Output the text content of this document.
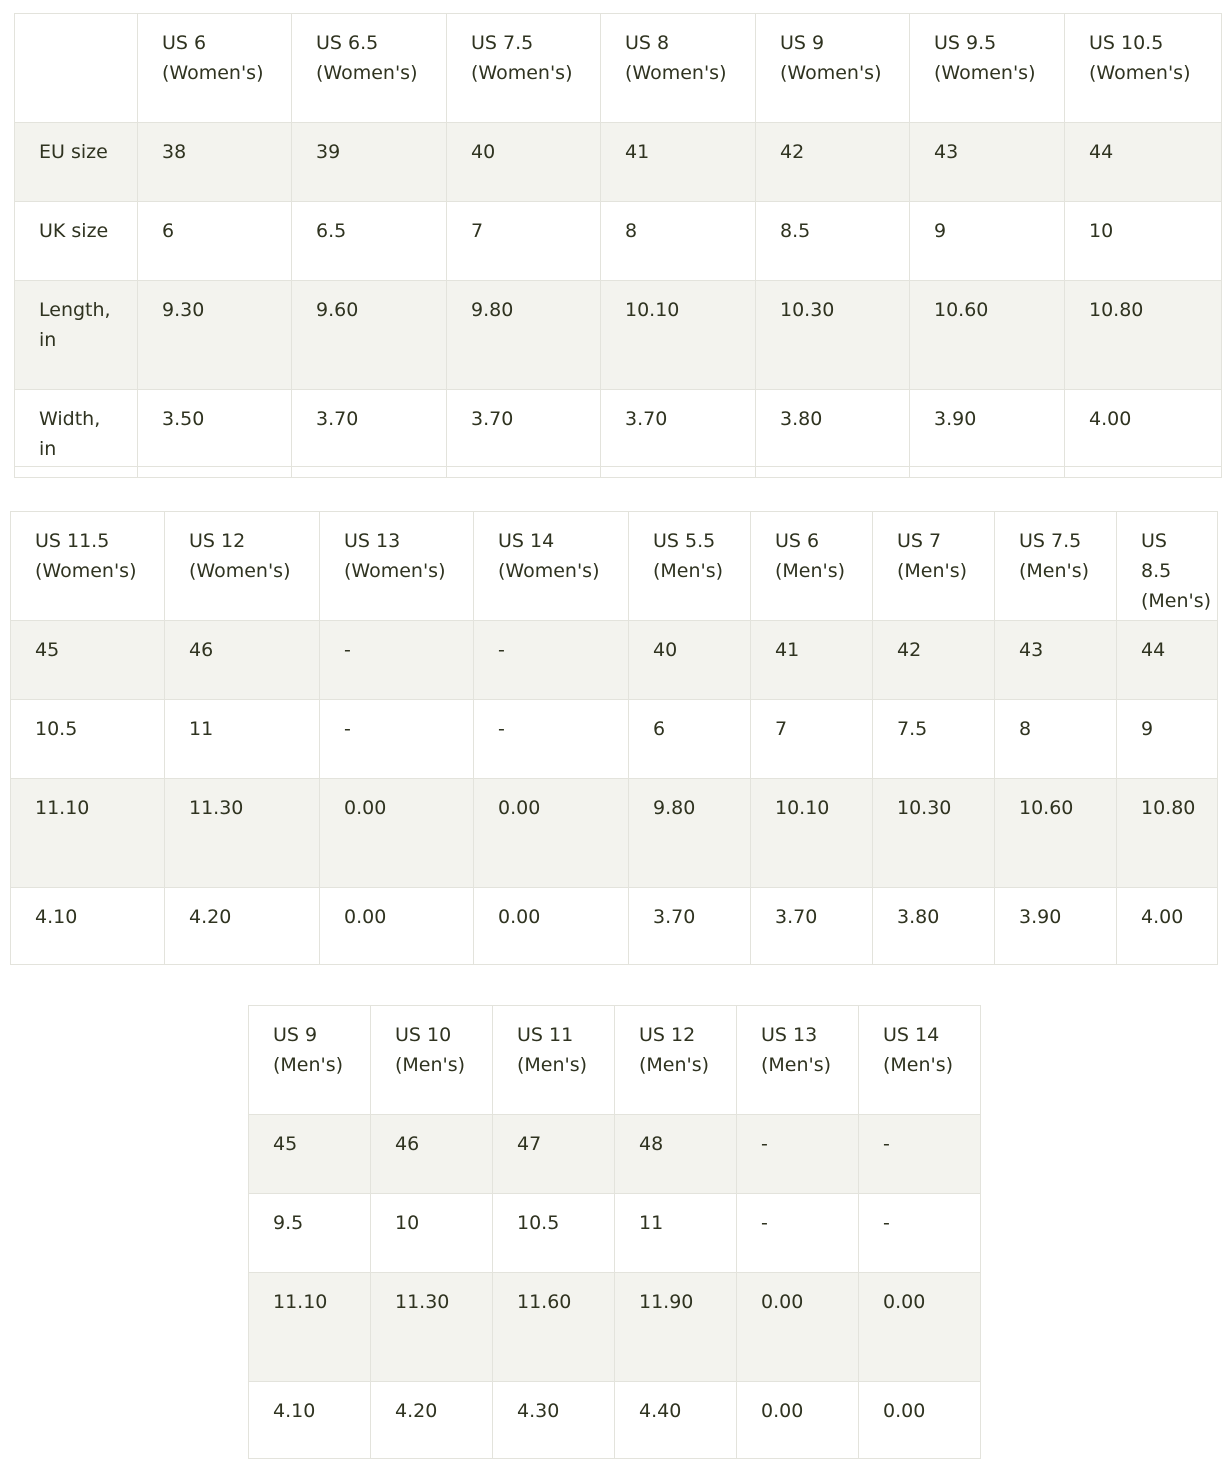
	US 6 (Women's)	US 6.5 (Women's)	US 7.5 (Women's)	US 8 (Women's)	US 9 (Women's)	US 9.5 (Women's)	US 10.5 (Women's)
EU size	38	39	40	41	42	43	44
UK size	6	6.5	7	8	8.5	9	10
Length, in	9.30	9.60	9.80	10.10	10.30	10.60	10.80
Width, in	3.50	3.70	3.70	3.70	3.80	3.90	4.00

US 11.5 (Women's)	US 12 (Women's)	US 13 (Women's)	US 14 (Women's)	US 5.5 (Men's)	US 6 (Men's)	US 7 (Men's)	US 7.5 (Men's)	US 8.5 (Men's)
45	46	-	-	40	41	42	43	44
10.5	11	-	-	6	7	7.5	8	9
11.10	11.30	0.00	0.00	9.80	10.10	10.30	10.60	10.80
4.10	4.20	0.00	0.00	3.70	3.70	3.80	3.90	4.00
US 9 (Men's)	US 10 (Men's)	US 11 (Men's)	US 12 (Men's)	US 13 (Men's)	US 14 (Men's)
45	46	47	48	-	-
9.5	10	10.5	11	-	-
11.10	11.30	11.60	11.90	0.00	0.00
4.10	4.20	4.30	4.40	0.00	0.00
